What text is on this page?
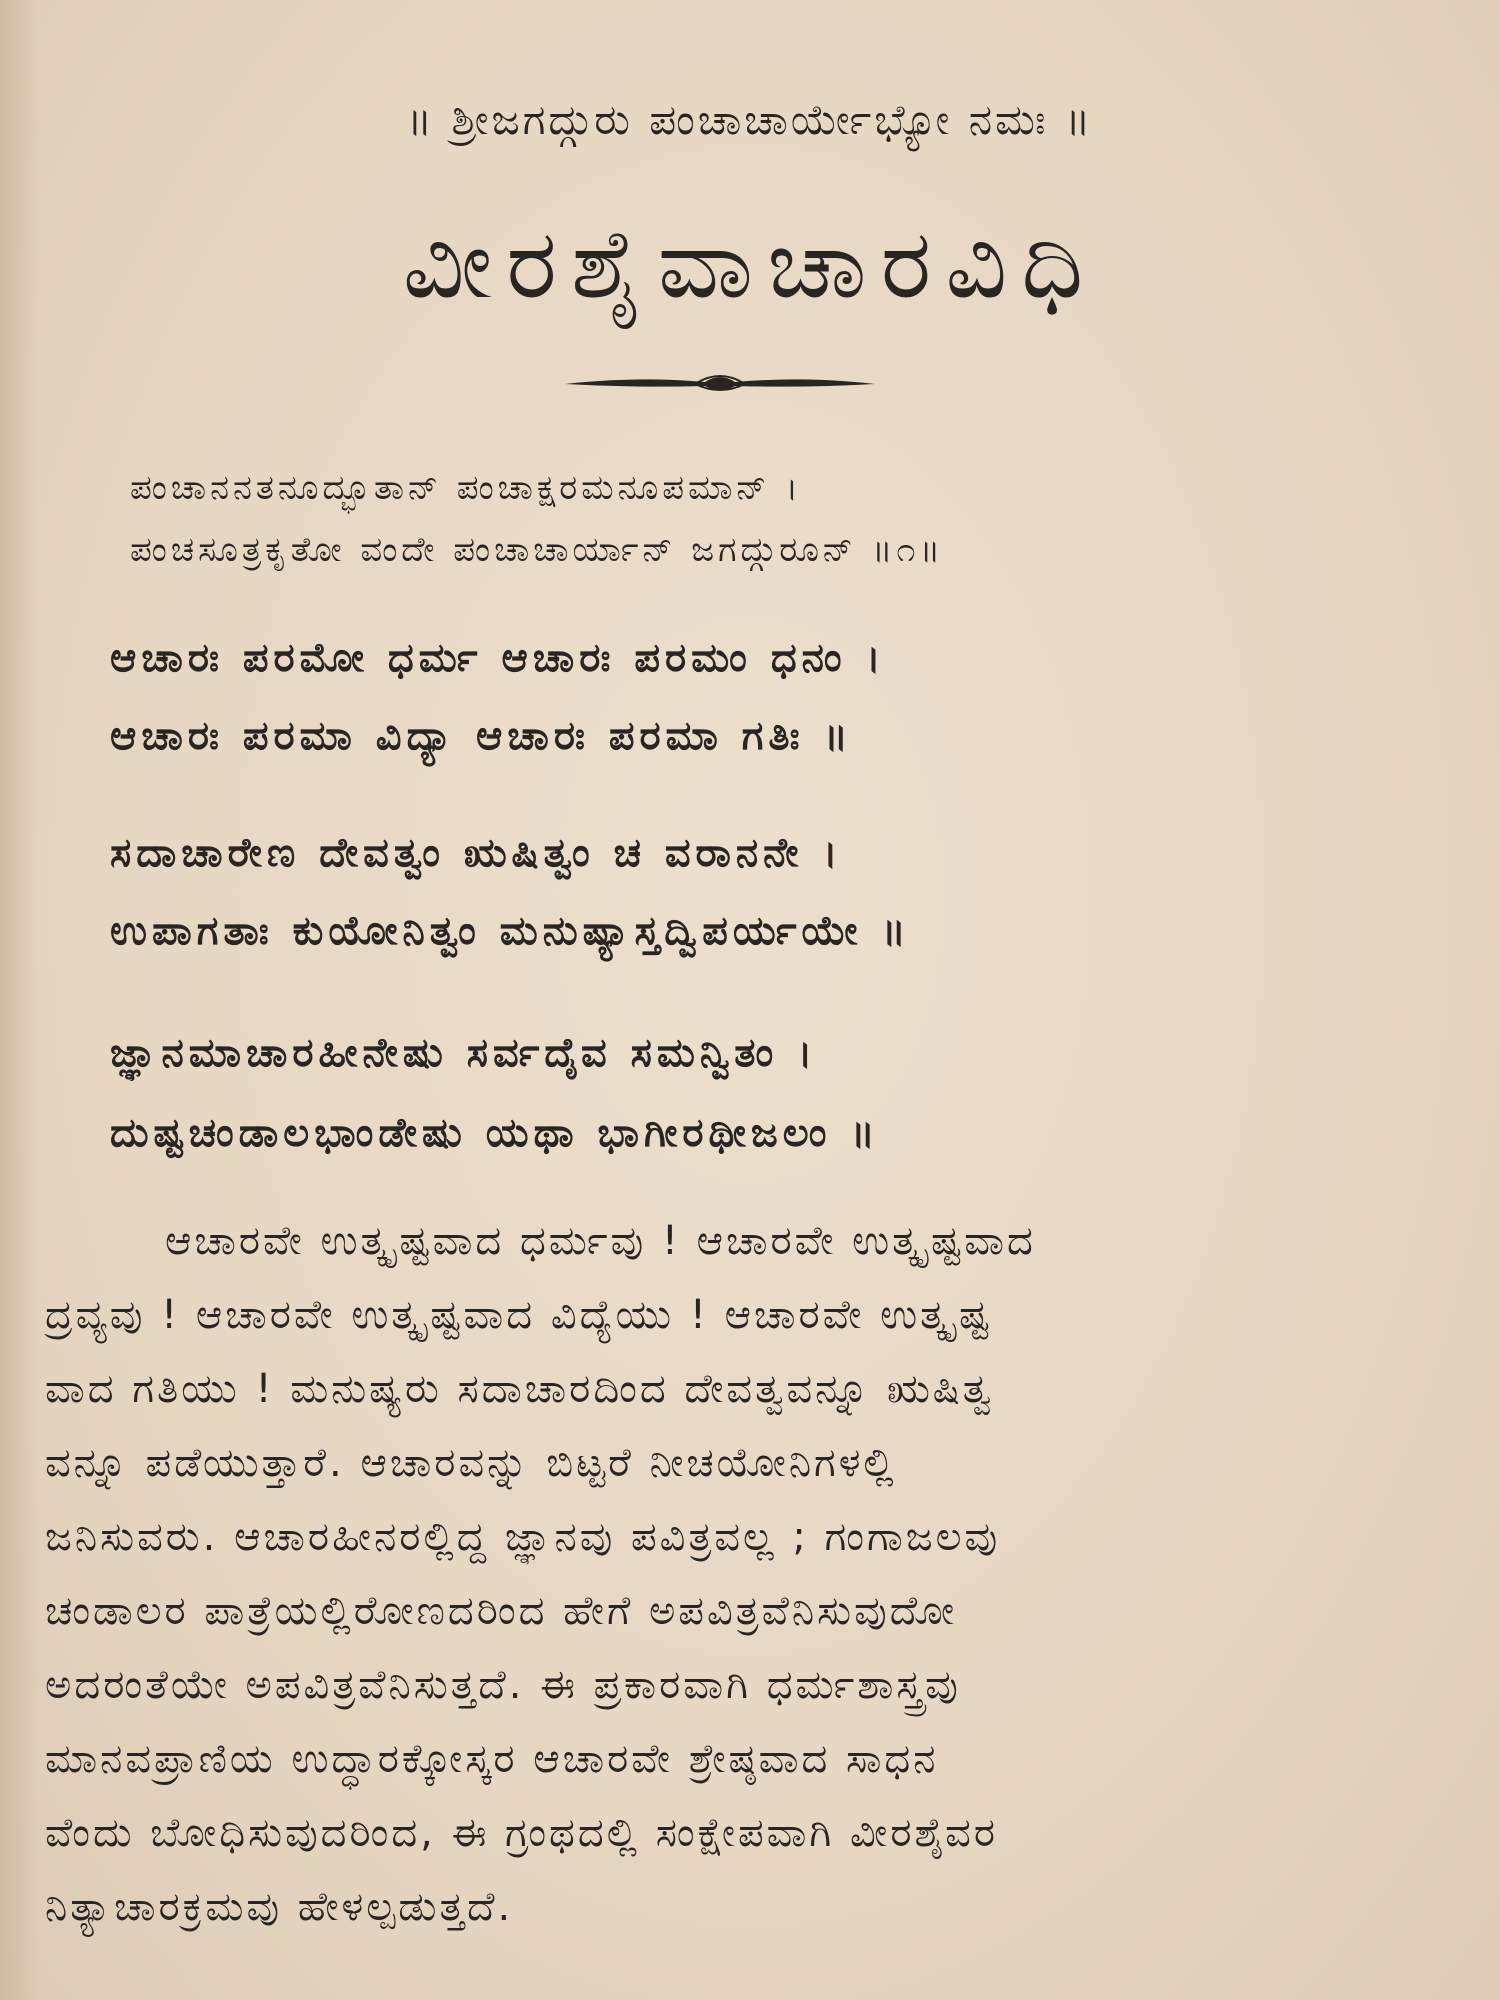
॥ ಶ್ರೀಜಗದ್ಗುರು ಪಂಚಾಚಾರ್ಯೇಭ್ಯೋ ನಮಃ ॥
ವೀರಶೈವಾಚಾರವಿಧಿ
ಪಂಚಾನನತನೂದ್ಭೂತಾನ್ ಪಂಚಾಕ್ಷರಮನೂಪಮಾನ್ ।
ಪಂಚಸೂತ್ರಕೃತೋ ವಂದೇ ಪಂಚಾಚಾರ್ಯಾನ್ ಜಗದ್ಗುರೂನ್ ॥೧॥
ಆಚಾರಃ ಪರಮೋ ಧರ್ಮ ಆಚಾರಃ ಪರಮಂ ಧನಂ ।
ಆಚಾರಃ ಪರಮಾ ವಿದ್ಯಾ ಆಚಾರಃ ಪರಮಾ ಗತಿಃ ॥
ಸದಾಚಾರೇಣ ದೇವತ್ವಂ ಋಷಿತ್ವಂ ಚ ವರಾನನೇ ।
ಉಪಾಗತಾಃ ಕುಯೋನಿತ್ವಂ ಮನುಷ್ಯಾಸ್ತದ್ವಿಪರ್ಯಯೇ ॥
ಜ್ಞಾನಮಾಚಾರಹೀನೇಷು ಸರ್ವದೈವ ಸಮನ್ವಿತಂ ।
ದುಷ್ಟಚಂಡಾಲಭಾಂಡೇಷು ಯಥಾ ಭಾಗೀರಥೀಜಲಂ ॥
ಆಚಾರವೇ ಉತ್ಕೃಷ್ಟವಾದ ಧರ್ಮವು ! ಆಚಾರವೇ ಉತ್ಕೃಷ್ಟವಾದ
ದ್ರವ್ಯವು ! ಆಚಾರವೇ ಉತ್ಕೃಷ್ಟವಾದ ವಿದ್ಯೆಯು ! ಆಚಾರವೇ ಉತ್ಕೃಷ್ಟ
ವಾದ ಗತಿಯು ! ಮನುಷ್ಯರು ಸದಾಚಾರದಿಂದ ದೇವತ್ವವನ್ನೂ ಋಷಿತ್ವ
ವನ್ನೂ ಪಡೆಯುತ್ತಾರೆ. ಆಚಾರವನ್ನು ಬಿಟ್ಟರೆ ನೀಚಯೋನಿಗಳಲ್ಲಿ
ಜನಿಸುವರು. ಆಚಾರಹೀನರಲ್ಲಿದ್ದ ಜ್ಞಾನವು ಪವಿತ್ರವಲ್ಲ ; ಗಂಗಾಜಲವು
ಚಂಡಾಲರ ಪಾತ್ರೆಯಲ್ಲಿರೋಣದರಿಂದ ಹೇಗೆ ಅಪವಿತ್ರವೆನಿಸುವುದೋ
ಅದರಂತೆಯೇ ಅಪವಿತ್ರವೆನಿಸುತ್ತದೆ. ಈ ಪ್ರಕಾರವಾಗಿ ಧರ್ಮಶಾಸ್ತ್ರವು
ಮಾನವಪ್ರಾಣಿಯ ಉದ್ಧಾರಕ್ಕೋಸ್ಕರ ಆಚಾರವೇ ಶ್ರೇಷ್ಠವಾದ ಸಾಧನ
ವೆಂದು ಬೋಧಿಸುವುದರಿಂದ, ಈ ಗ್ರಂಥದಲ್ಲಿ ಸಂಕ್ಷೇಪವಾಗಿ ವೀರಶೈವರ
ನಿತ್ಯಾಚಾರಕ್ರಮವು ಹೇಳಲ್ಪಡುತ್ತದೆ.
